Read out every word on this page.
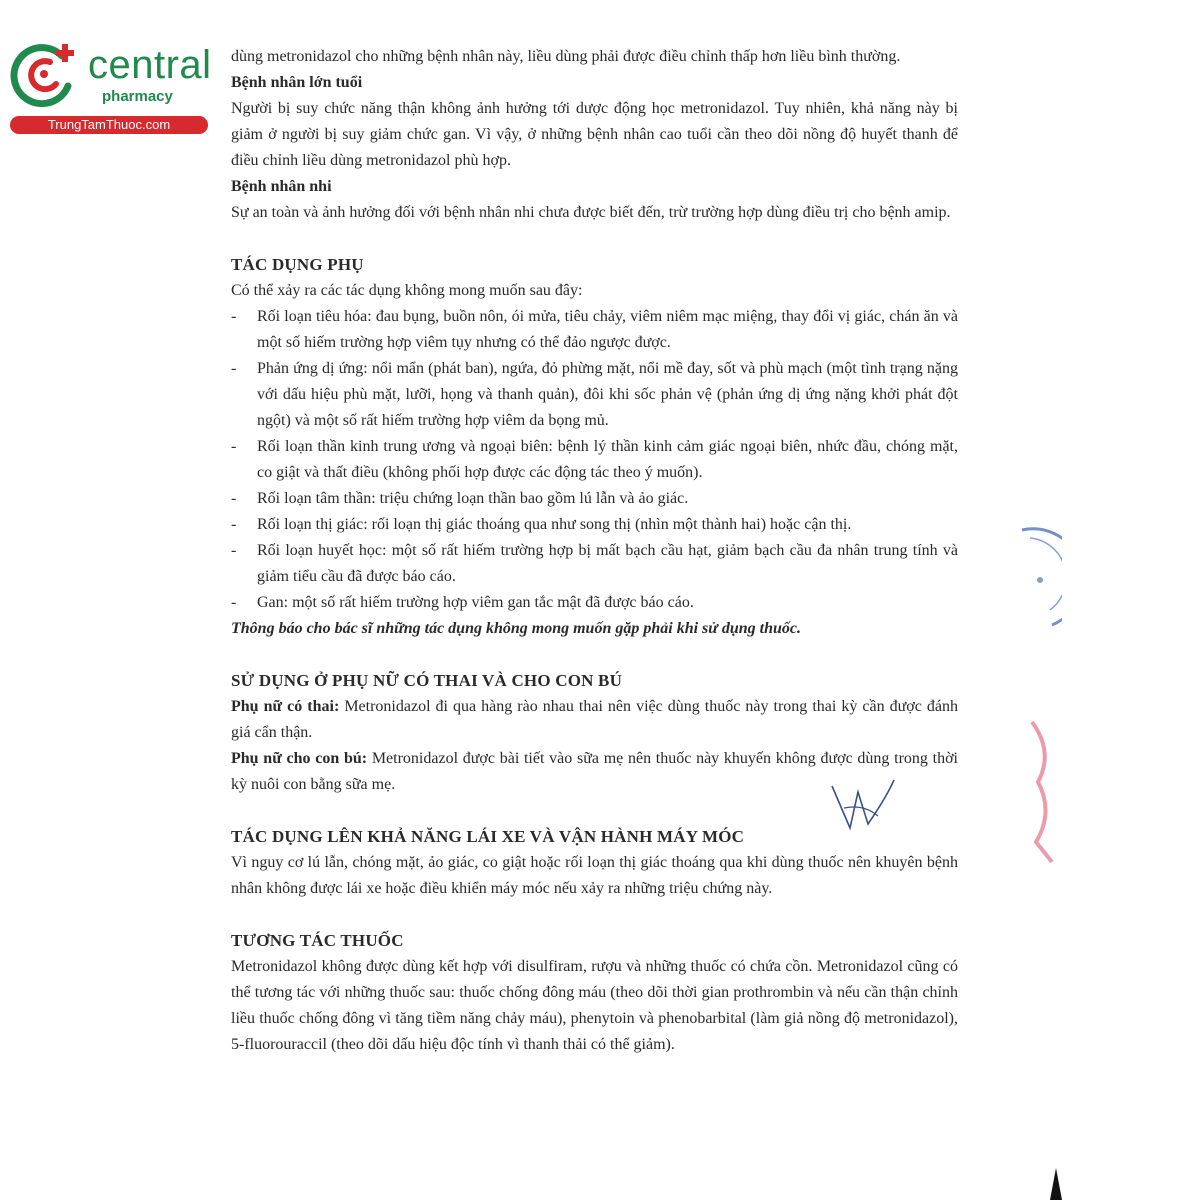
central
pharmacy
TrungTamThuoc.com

dùng metronidazol cho những bệnh nhân này, liều dùng phải được điều chỉnh thấp hơn liều bình thường.

Bệnh nhân lớn tuổi

Người bị suy chức năng thận không ảnh hưởng tới dược động học metronidazol. Tuy nhiên, khả năng này bị giảm ở người bị suy giảm chức gan. Vì vậy, ở những bệnh nhân cao tuổi cần theo dõi nồng độ huyết thanh để điều chỉnh liều dùng metronidazol phù hợp.

Bệnh nhân nhi

Sự an toàn và ảnh hưởng đối với bệnh nhân nhi chưa được biết đến, trừ trường hợp dùng điều trị cho bệnh amip.

TÁC DỤNG PHỤ

Có thể xảy ra các tác dụng không mong muốn sau đây:

- Rối loạn tiêu hóa: đau bụng, buồn nôn, ói mửa, tiêu chảy, viêm niêm mạc miệng, thay đổi vị giác, chán ăn và một số hiếm trường hợp viêm tụy nhưng có thể đảo ngược được.
- Phản ứng dị ứng: nổi mẩn (phát ban), ngứa, đỏ phừng mặt, nổi mề đay, sốt và phù mạch (một tình trạng nặng với dấu hiệu phù mặt, lưỡi, họng và thanh quản), đôi khi sốc phản vệ (phản ứng dị ứng nặng khởi phát đột ngột) và một số rất hiếm trường hợp viêm da bọng mủ.
- Rối loạn thần kinh trung ương và ngoại biên: bệnh lý thần kinh cảm giác ngoại biên, nhức đầu, chóng mặt, co giật và thất điều (không phối hợp được các động tác theo ý muốn).
- Rối loạn tâm thần: triệu chứng loạn thần bao gồm lú lẫn và ảo giác.
- Rối loạn thị giác: rối loạn thị giác thoáng qua như song thị (nhìn một thành hai) hoặc cận thị.
- Rối loạn huyết học: một số rất hiếm trường hợp bị mất bạch cầu hạt, giảm bạch cầu đa nhân trung tính và giảm tiểu cầu đã được báo cáo.
- Gan: một số rất hiếm trường hợp viêm gan tắc mật đã được báo cáo.

Thông báo cho bác sĩ những tác dụng không mong muốn gặp phải khi sử dụng thuốc.

SỬ DỤNG Ở PHỤ NỮ CÓ THAI VÀ CHO CON BÚ

Phụ nữ có thai: Metronidazol đi qua hàng rào nhau thai nên việc dùng thuốc này trong thai kỳ cần được đánh giá cẩn thận.

Phụ nữ cho con bú: Metronidazol được bài tiết vào sữa mẹ nên thuốc này khuyến không được dùng trong thời kỳ nuôi con bằng sữa mẹ.

TÁC DỤNG LÊN KHẢ NĂNG LÁI XE VÀ VẬN HÀNH MÁY MÓC

Vì nguy cơ lú lẫn, chóng mặt, ảo giác, co giật hoặc rối loạn thị giác thoáng qua khi dùng thuốc nên khuyên bệnh nhân không được lái xe hoặc điều khiển máy móc nếu xảy ra những triệu chứng này.

TƯƠNG TÁC THUỐC

Metronidazol không được dùng kết hợp với disulfiram, rượu và những thuốc có chứa cồn. Metronidazol cũng có thể tương tác với những thuốc sau: thuốc chống đông máu (theo dõi thời gian prothrombin và nếu cần thận chỉnh liều thuốc chống đông vì tăng tiềm năng chảy máu), phenytoin và phenobarbital (làm giả nồng độ metronidazol), 5-fluorouraccil (theo dõi dấu hiệu độc tính vì thanh thải có thể giảm).
